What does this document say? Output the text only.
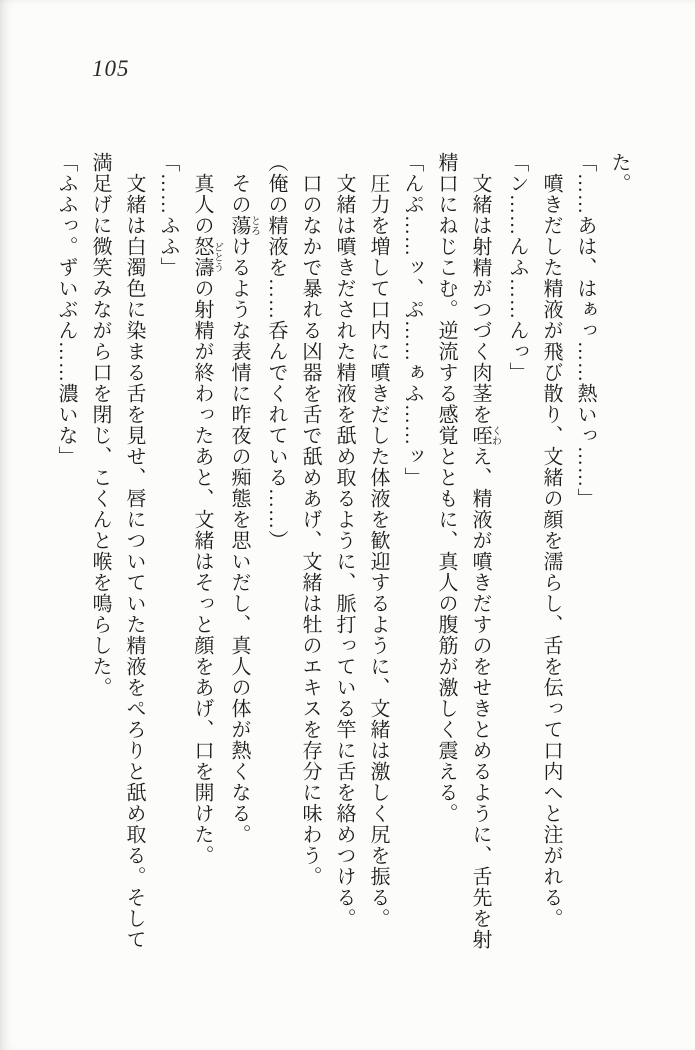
105

た。

「……あは、はぁっ……熱いっ……」

噴きだした精液が飛び散り、文緒の顔を濡らし、舌を伝って口内へと注がれる。

「ン……んふ……んっ」

文緒は射精がつづく肉茎を咥くわえ、精液が噴きだすのをせきとめるように、舌先を射精口にねじこむ。逆流する感覚とともに、真人の腹筋が激しく震える。

「んぷ……ッ、ぷ……ぁふ……ッ」

圧力を増して口内に噴きだした体液を歓迎するように、文緒は激しく尻を振る。

文緒は噴きだされた精液を舐め取るように、脈打っている竿に舌を絡めつける。

口のなかで暴れる凶器を舌で舐めあげ、文緒は牡のエキスを存分に味わう。

（俺の精液を……呑んでくれている……）

その蕩とろけるような表情に昨夜の痴態を思いだし、真人の体が熱くなる。

真人の怒濤どとうの射精が終わったあと、文緒はそっと顔をあげ、口を開けた。

「……ふふ」

文緒は白濁色に染まる舌を見せ、唇についていた精液をぺろりと舐め取る。そして満足げに微笑みながら口を閉じ、こくんと喉を鳴らした。

「ふふっ。ずいぶん……濃いな」
